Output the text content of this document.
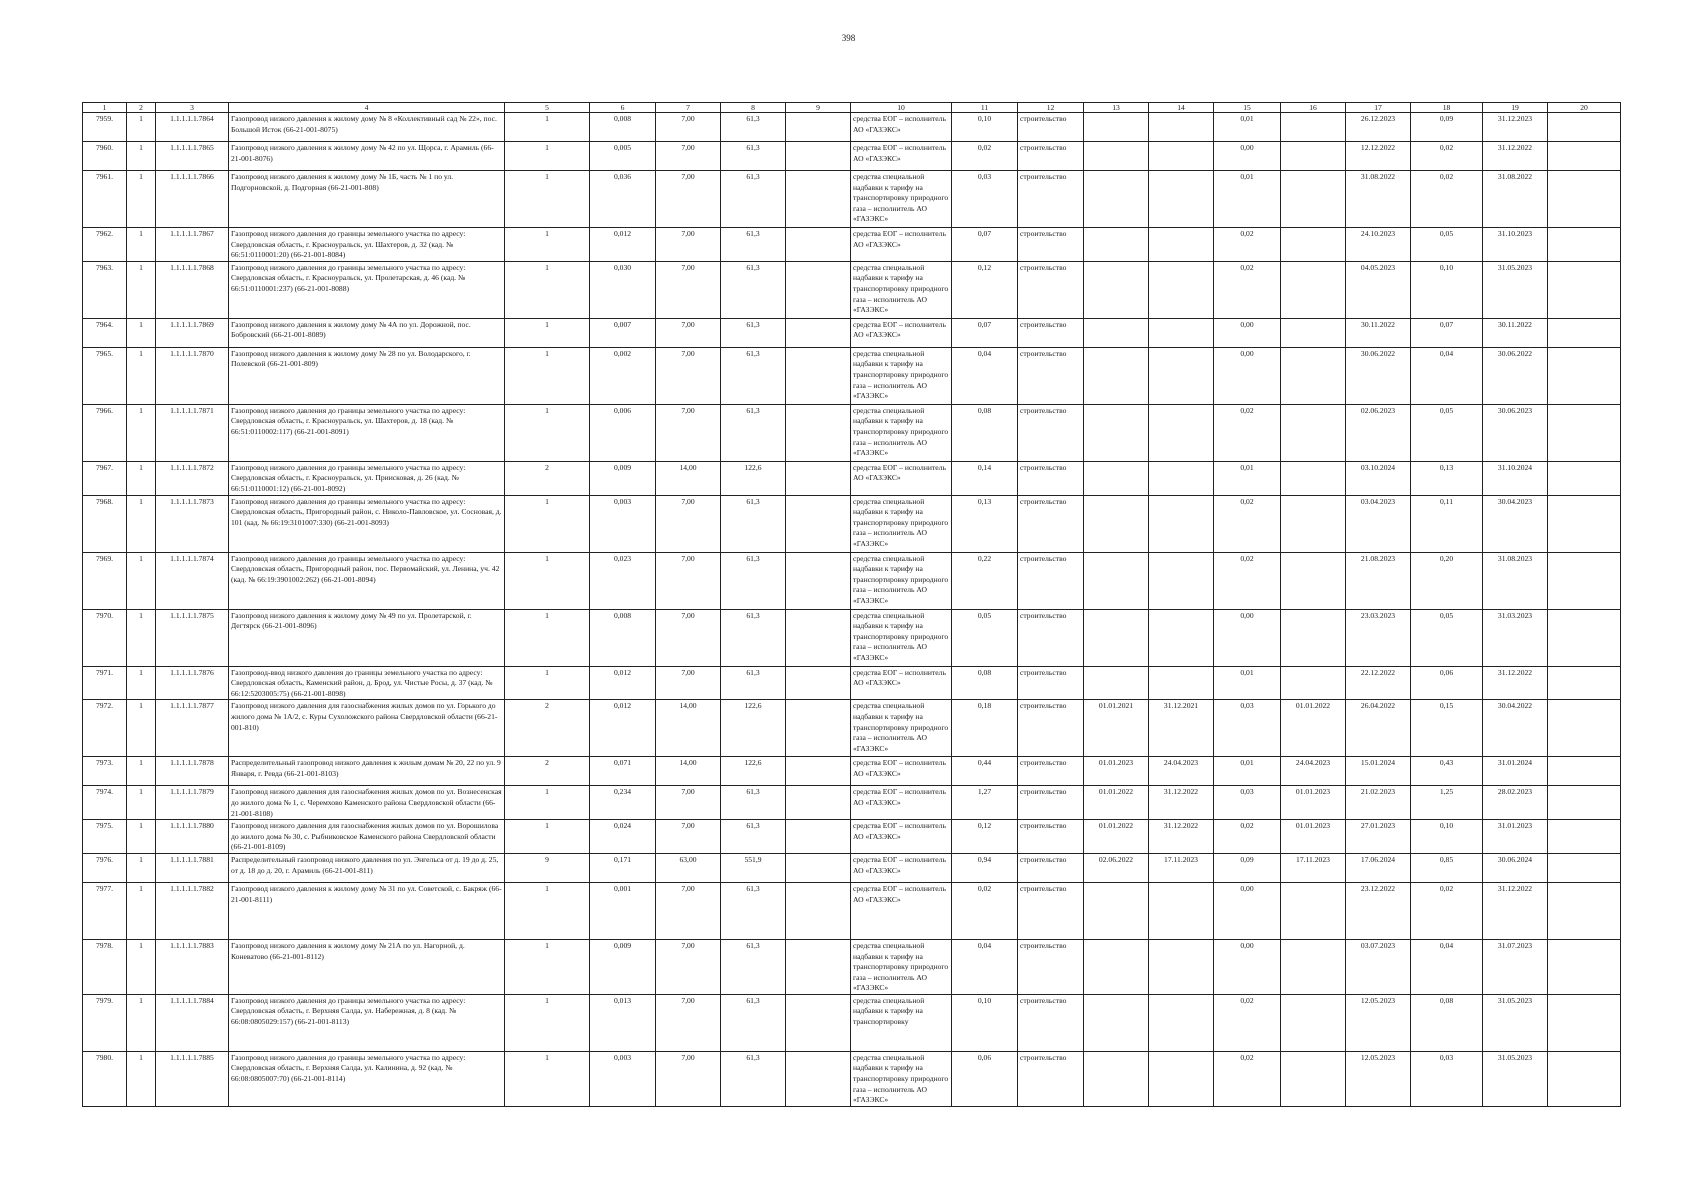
398
1	2	3	4	5	6	7	8	9	10	11	12	13	14	15	16	17	18	19	20
7959.	1	1.1.1.1.1.7864	Газопровод низкого давления к жилому дому № 8 «Коллективный сад № 22», пос. Большой Исток (66-21-001-8075)	1	0,008	7,00	61,3		средства ЕОГ – исполнитель АО «ГАЗЭКС»	0,10	строительство			0,01		26.12.2023	0,09	31.12.2023	
7960.	1	1.1.1.1.1.7865	Газопровод низкого давления к жилому дому № 42 по ул. Щорса, г. Арамиль (66-21-001-8076)	1	0,005	7,00	61,3		средства ЕОГ – исполнитель АО «ГАЗЭКС»	0,02	строительство			0,00		12.12.2022	0,02	31.12.2022	
7961.	1	1.1.1.1.1.7866	Газопровод низкого давления к жилому дому № 1Б, часть № 1 по ул. Подгорновской, д. Подгорная (66-21-001-808)	1	0,036	7,00	61,3		средства специальной надбавки к тарифу на транспортировку природного газа – исполнитель АО «ГАЗЭКС»	0,03	строительство			0,01		31.08.2022	0,02	31.08.2022	
7962.	1	1.1.1.1.1.7867	Газопровод низкого давления до границы земельного участка по адресу: Свердловская область, г. Красноуральск, ул. Шахтеров, д. 32 (кад. № 66:51:0110001:20) (66-21-001-8084)	1	0,012	7,00	61,3		средства ЕОГ – исполнитель АО «ГАЗЭКС»	0,07	строительство			0,02		24.10.2023	0,05	31.10.2023	
7963.	1	1.1.1.1.1.7868	Газопровод низкого давления до границы земельного участка по адресу: Свердловская область, г. Красноуральск, ул. Пролетарская, д. 46 (кад. № 66:51:0110001:237) (66-21-001-8088)	1	0,030	7,00	61,3		средства специальной надбавки к тарифу на транспортировку природного газа – исполнитель АО «ГАЗЭКС»	0,12	строительство			0,02		04.05.2023	0,10	31.05.2023	
7964.	1	1.1.1.1.1.7869	Газопровод низкого давления к жилому дому № 4А по ул. Дорожной, пос. Бобровский (66-21-001-8089)	1	0,007	7,00	61,3		средства ЕОГ – исполнитель АО «ГАЗЭКС»	0,07	строительство			0,00		30.11.2022	0,07	30.11.2022	
7965.	1	1.1.1.1.1.7870	Газопровод низкого давления к жилому дому № 28 по ул. Володарского, г. Полевской (66-21-001-809)	1	0,002	7,00	61,3		средства специальной надбавки к тарифу на транспортировку природного газа – исполнитель АО «ГАЗЭКС»	0,04	строительство			0,00		30.06.2022	0,04	30.06.2022	
7966.	1	1.1.1.1.1.7871	Газопровод низкого давления до границы земельного участка по адресу: Свердловская область, г. Красноуральск, ул. Шахтеров, д. 18 (кад. № 66:51:0110002:117) (66-21-001-8091)	1	0,006	7,00	61,3		средства специальной надбавки к тарифу на транспортировку природного газа – исполнитель АО «ГАЗЭКС»	0,08	строительство			0,02		02.06.2023	0,05	30.06.2023	
7967.	1	1.1.1.1.1.7872	Газопровод низкого давления до границы земельного участка по адресу: Свердловская область, г. Красноуральск, ул. Приисковая, д. 26 (кад. № 66:51:0110001:12) (66-21-001-8092)	2	0,009	14,00	122,6		средства ЕОГ – исполнитель АО «ГАЗЭКС»	0,14	строительство			0,01		03.10.2024	0,13	31.10.2024	
7968.	1	1.1.1.1.1.7873	Газопровод низкого давления до границы земельного участка по адресу: Свердловская область, Пригородный район, с. Николо-Павловское, ул. Сосновая, д. 101 (кад. № 66:19:3101007:330) (66-21-001-8093)	1	0,003	7,00	61,3		средства специальной надбавки к тарифу на транспортировку природного газа – исполнитель АО «ГАЗЭКС»	0,13	строительство			0,02		03.04.2023	0,11	30.04.2023	
7969.	1	1.1.1.1.1.7874	Газопровод низкого давления до границы земельного участка по адресу: Свердловская область, Пригородный район, пос. Первомайский, ул. Ленина, уч. 42 (кад. № 66:19:3901002:262) (66-21-001-8094)	1	0,023	7,00	61,3		средства специальной надбавки к тарифу на транспортировку природного газа – исполнитель АО «ГАЗЭКС»	0,22	строительство			0,02		21.08.2023	0,20	31.08.2023	
7970.	1	1.1.1.1.1.7875	Газопровод низкого давления к жилому дому № 49 по ул. Пролетарской, г. Дегтярск (66-21-001-8096)	1	0,008	7,00	61,3		средства специальной надбавки к тарифу на транспортировку природного газа – исполнитель АО «ГАЗЭКС»	0,05	строительство			0,00		23.03.2023	0,05	31.03.2023	
7971.	1	1.1.1.1.1.7876	Газопровод-ввод низкого давления до границы земельного участка по адресу: Свердловская область, Каменский район, д. Брод, ул. Чистые Росы, д. 37 (кад. № 66:12:5203005:75) (66-21-001-8098)	1	0,012	7,00	61,3		средства ЕОГ – исполнитель АО «ГАЗЭКС»	0,08	строительство			0,01		22.12.2022	0,06	31.12.2022	
7972.	1	1.1.1.1.1.7877	Газопровод низкого давления для газоснабжения жилых домов по ул. Горького до жилого дома № 1А/2, с. Куры Сухоложского района Свердловской области (66-21-001-810)	2	0,012	14,00	122,6		средства специальной надбавки к тарифу на транспортировку природного газа – исполнитель АО «ГАЗЭКС»	0,18	строительство	01.01.2021	31.12.2021	0,03	01.01.2022	26.04.2022	0,15	30.04.2022	
7973.	1	1.1.1.1.1.7878	Распределительный газопровод низкого давления к жилым домам № 20, 22 по ул. 9 Января, г. Ревда (66-21-001-8103)	2	0,071	14,00	122,6		средства ЕОГ – исполнитель АО «ГАЗЭКС»	0,44	строительство	01.01.2023	24.04.2023	0,01	24.04.2023	15.01.2024	0,43	31.01.2024	
7974.	1	1.1.1.1.1.7879	Газопровод низкого давления для газоснабжения жилых домов по ул. Вознесенская до жилого дома № 1, с. Черемхово Каменского района Свердловской области (66-21-001-8108)	1	0,234	7,00	61,3		средства ЕОГ – исполнитель АО «ГАЗЭКС»	1,27	строительство	01.01.2022	31.12.2022	0,03	01.01.2023	21.02.2023	1,25	28.02.2023	
7975.	1	1.1.1.1.1.7880	Газопровод низкого давления для газоснабжения жилых домов по ул. Ворошилова до жилого дома № 30, с. Рыбниковское Каменского района Свердловской области (66-21-001-8109)	1	0,024	7,00	61,3		средства ЕОГ – исполнитель АО «ГАЗЭКС»	0,12	строительство	01.01.2022	31.12.2022	0,02	01.01.2023	27.01.2023	0,10	31.01.2023	
7976.	1	1.1.1.1.1.7881	Распределительный газопровод низкого давления по ул. Энгельса от д. 19 до д. 25, от д. 18 до д. 20, г. Арамиль (66-21-001-811)	9	0,171	63,00	551,9		средства ЕОГ – исполнитель АО «ГАЗЭКС»	0,94	строительство	02.06.2022	17.11.2023	0,09	17.11.2023	17.06.2024	0,85	30.06.2024	
7977.	1	1.1.1.1.1.7882	Газопровод низкого давления к жилому дому № 31 по ул. Советской, с. Бакряж (66-21-001-8111)	1	0,001	7,00	61,3		средства ЕОГ – исполнитель АО «ГАЗЭКС»	0,02	строительство			0,00		23.12.2022	0,02	31.12.2022	
7978.	1	1.1.1.1.1.7883	Газопровод низкого давления к жилому дому № 21А по ул. Нагорной, д. Коневатово (66-21-001-8112)	1	0,009	7,00	61,3		средства специальной надбавки к тарифу на транспортировку природного газа – исполнитель АО «ГАЗЭКС»	0,04	строительство			0,00		03.07.2023	0,04	31.07.2023	
7979.	1	1.1.1.1.1.7884	Газопровод низкого давления до границы земельного участка по адресу: Свердловская область, г. Верхняя Салда, ул. Набережная, д. 8 (кад. № 66:08:0805029:157) (66-21-001-8113)	1	0,013	7,00	61,3		средства специальной надбавки к тарифу на транспортировку	0,10	строительство			0,02		12.05.2023	0,08	31.05.2023	
7980.	1	1.1.1.1.1.7885	Газопровод низкого давления до границы земельного участка по адресу: Свердловская область, г. Верхняя Салда, ул. Калинина, д. 92 (кад. № 66:08:0805007:70) (66-21-001-8114)	1	0,003	7,00	61,3		средства специальной надбавки к тарифу на транспортировку природного газа – исполнитель АО «ГАЗЭКС»	0,06	строительство			0,02		12.05.2023	0,03	31.05.2023	
